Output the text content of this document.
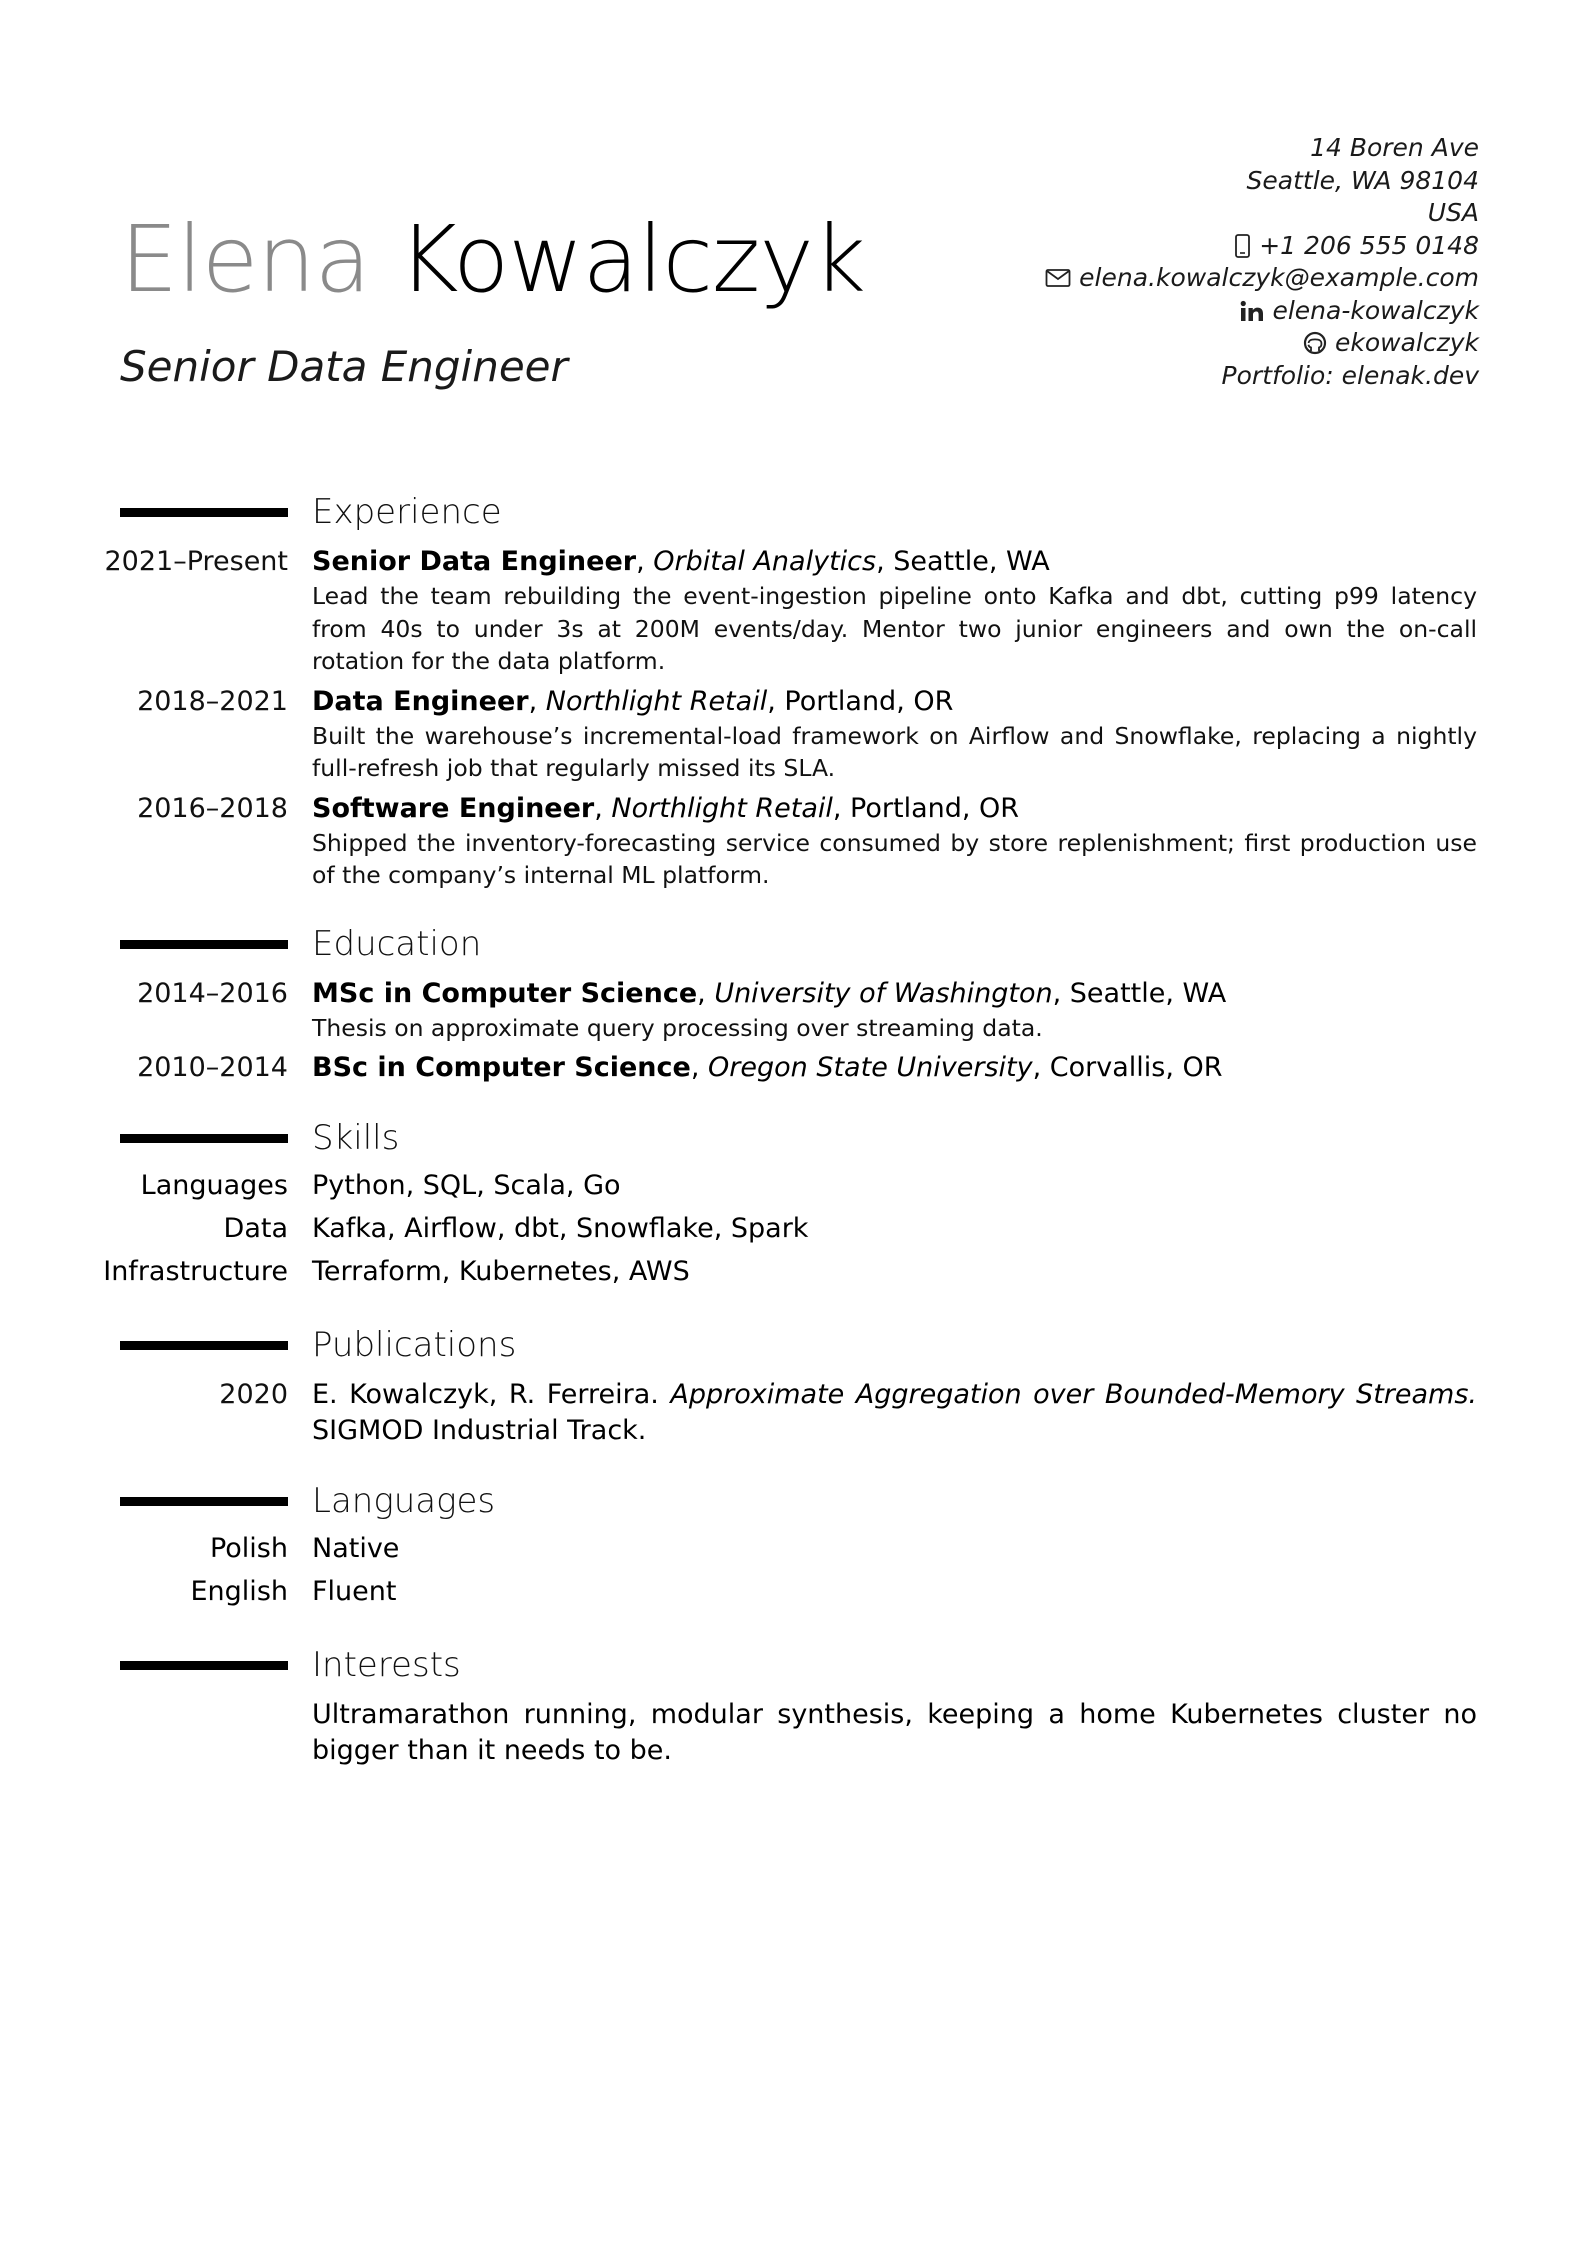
Elena Kowalczyk
Senior Data Engineer
14 Boren Ave
Seattle, WA 98104
USA
+1 206 555 0148
elena.kowalczyk@example.com
elena-kowalczyk
ekowalczyk
Portfolio: elenak.dev
Experience
2021–Present Senior Data Engineer, Orbital Analytics, Seattle, WA
Lead the team rebuilding the event-ingestion pipeline onto Kafka and dbt, cutting p99 latency from 40s to under 3s at 200M events/day. Mentor two junior engineers and own the on-call rotation for the data platform.
2018–2021 Data Engineer, Northlight Retail, Portland, OR
Built the warehouse’s incremental-load framework on Airflow and Snowflake, replacing a nightly full-refresh job that regularly missed its SLA.
2016–2018 Software Engineer, Northlight Retail, Portland, OR
Shipped the inventory-forecasting service consumed by store replenishment; first production use of the company’s internal ML platform.
Education
2014–2016 MSc in Computer Science, University of Washington, Seattle, WA
Thesis on approximate query processing over streaming data.
2010–2014 BSc in Computer Science, Oregon State University, Corvallis, OR
Skills
Languages Python, SQL, Scala, Go
Data Kafka, Airflow, dbt, Snowflake, Spark
Infrastructure Terraform, Kubernetes, AWS
Publications
2020 E. Kowalczyk, R. Ferreira. Approximate Aggregation over Bounded-Memory Streams. SIGMOD Industrial Track.
Languages
Polish Native
English Fluent
Interests
Ultramarathon running, modular synthesis, keeping a home Kubernetes cluster no bigger than it needs to be.
